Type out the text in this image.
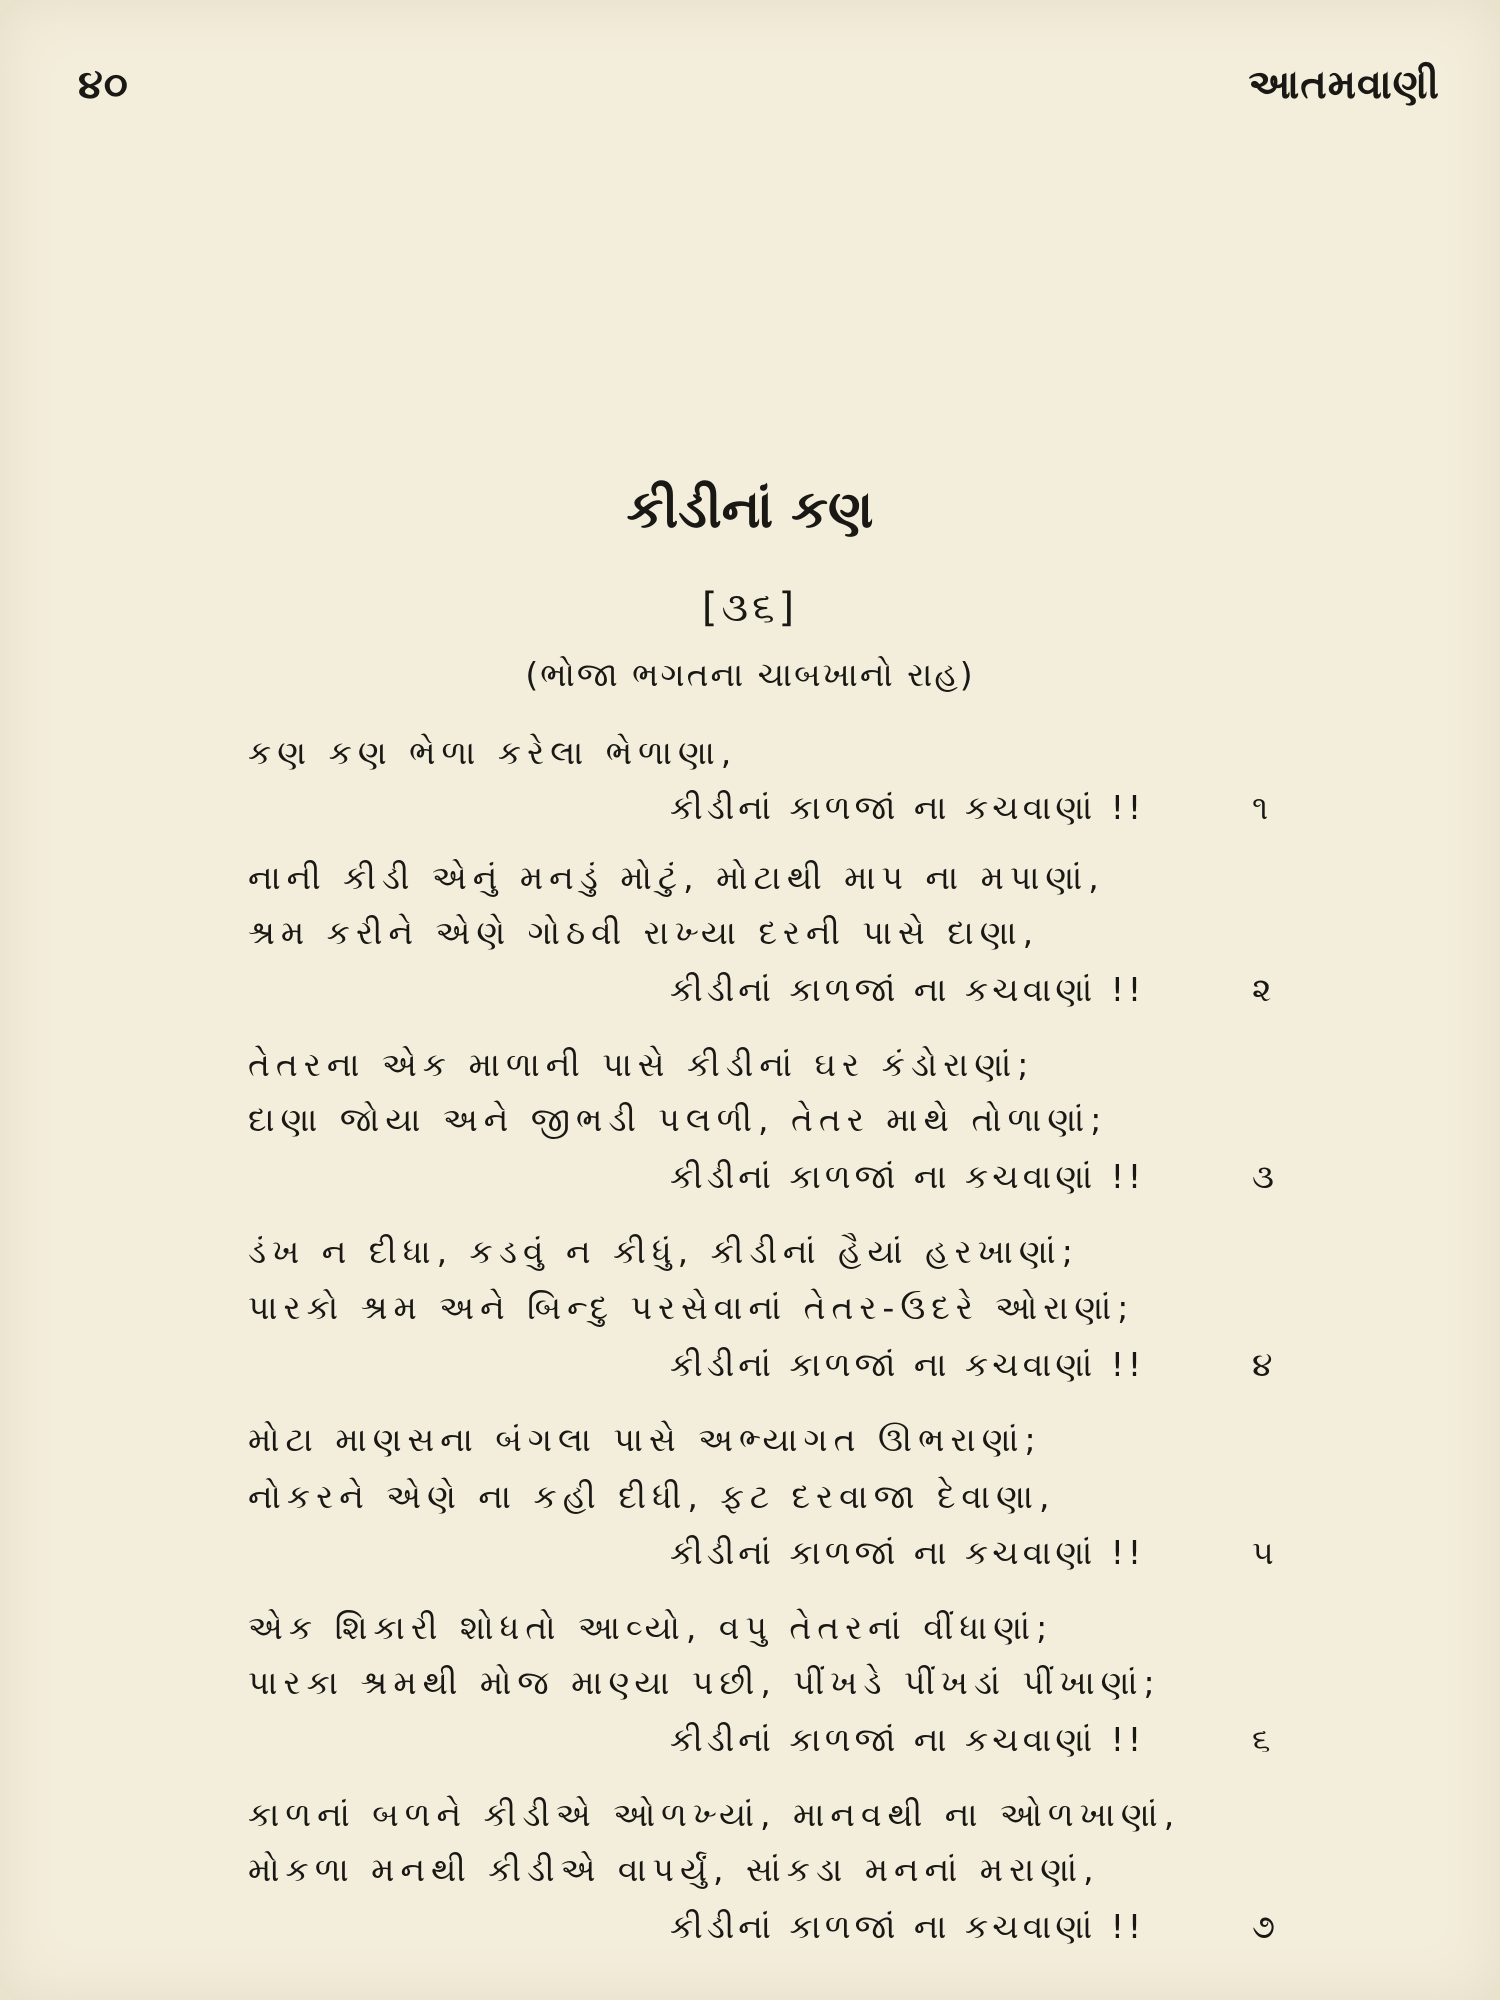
૪૦	આતમવાણી
કીડીનાં કણ
[૩૬]
(ભોજા ભગતના ચાબખાનો રાહ)
કણ કણ ભેળા કરેલા ભેળાણા,
કીડીનાં કાળજાં ના કચવાણાં !!	૧
નાની કીડી એનું મનડું મોટું, મોટાથી માપ ના મપાણાં,
શ્રમ કરીને એણે ગોઠવી રાખ્યા દરની પાસે દાણા,
કીડીનાં કાળજાં ના કચવાણાં !!	૨
તેતરના એક માળાની પાસે કીડીનાં ઘર કંડોરાણાં;
દાણા જોયા અને જીભડી પલળી, તેતર માથે તોળાણાં;
કીડીનાં કાળજાં ના કચવાણાં !!	૩
ડંખ ન દીધા, કડવું ન કીધું, કીડીનાં હૈયાં હરખાણાં;
પારકો શ્રમ અને બિન્દુ પરસેવાનાં તેતર-ઉદરે ઓરાણાં;
કીડીનાં કાળજાં ના કચવાણાં !!	૪
મોટા માણસના બંગલા પાસે અભ્યાગત ઊભરાણાં;
નોકરને એણે ના કહી દીધી, ફટ દરવાજા દેવાણા,
કીડીનાં કાળજાં ના કચવાણાં !!	૫
એક શિકારી શોધતો આવ્યો, વપુ તેતરનાં વીંધાણાં;
પારકા શ્રમથી મોજ માણ્યા પછી, પીંખડે પીંખડાં પીંખાણાં;
કીડીનાં કાળજાં ના કચવાણાં !!	૬
કાળનાં બળને કીડીએ ઓળખ્યાં, માનવથી ના ઓળખાણાં,
મોકળા મનથી કીડીએ વાપર્યું, સાંકડા મનનાં મરાણાં,
કીડીનાં કાળજાં ના કચવાણાં !!	૭
